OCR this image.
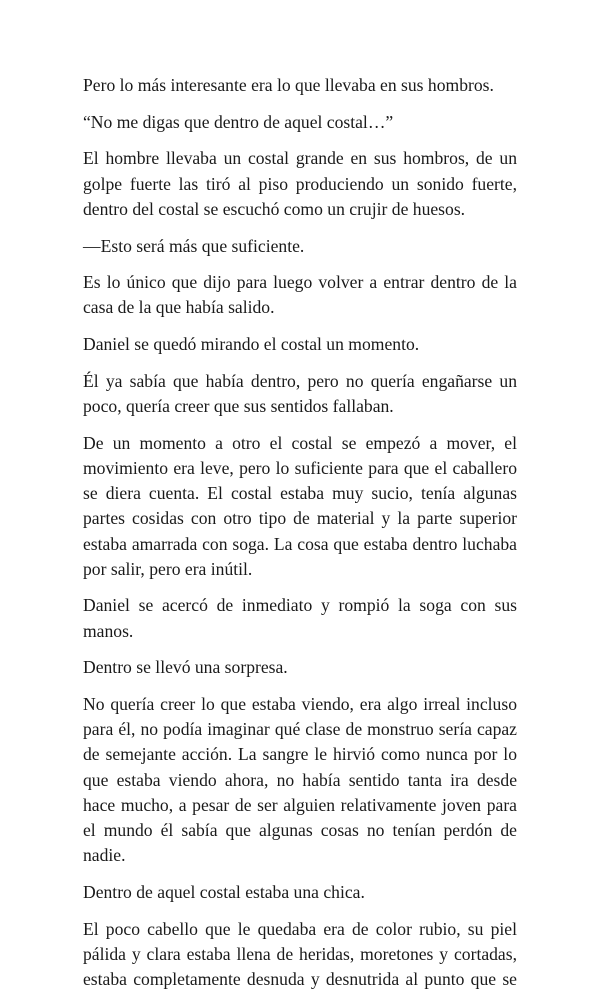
Pero lo más interesante era lo que llevaba en sus hombros.

“No me digas que dentro de aquel costal…”

El hombre llevaba un costal grande en sus hombros, de un golpe fuerte las tiró al piso produciendo un sonido fuerte, dentro del costal se escuchó como un crujir de huesos.

—Esto será más que suficiente.

Es lo único que dijo para luego volver a entrar dentro de la casa de la que había salido.

Daniel se quedó mirando el costal un momento.

Él ya sabía que había dentro, pero no quería engañarse un poco, quería creer que sus sentidos fallaban.

De un momento a otro el costal se empezó a mover, el movimiento era leve, pero lo suficiente para que el caballero se diera cuenta. El costal estaba muy sucio, tenía algunas partes cosidas con otro tipo de material y la parte superior estaba amarrada con soga. La cosa que estaba dentro luchaba por salir, pero era inútil.

Daniel se acercó de inmediato y rompió la soga con sus manos.

Dentro se llevó una sorpresa.

No quería creer lo que estaba viendo, era algo irreal incluso para él, no podía imaginar qué clase de monstruo sería capaz de semejante acción. La sangre le hirvió como nunca por lo que estaba viendo ahora, no había sentido tanta ira desde hace mucho, a pesar de ser alguien relativamente joven para el mundo él sabía que algunas cosas no tenían perdón de nadie.

Dentro de aquel costal estaba una chica.

El poco cabello que le quedaba era de color rubio, su piel pálida y clara estaba llena de heridas, moretones y cortadas, estaba completamente desnuda y desnutrida al punto que se
